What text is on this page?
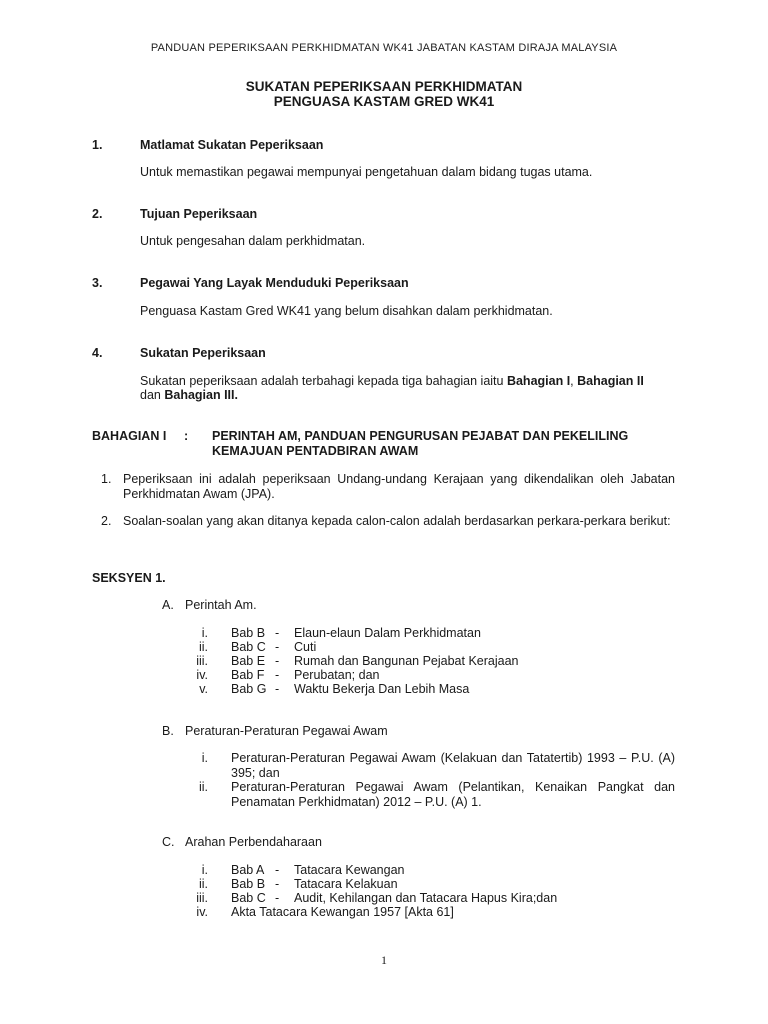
PANDUAN PEPERIKSAAN PERKHIDMATAN WK41 JABATAN KASTAM DIRAJA MALAYSIA
SUKATAN PEPERIKSAAN PERKHIDMATAN
PENGUASA KASTAM GRED WK41
1.	Matlamat Sukatan Peperiksaan
Untuk memastikan pegawai mempunyai pengetahuan dalam bidang tugas utama.
2.	Tujuan Peperiksaan
Untuk pengesahan dalam perkhidmatan.
3.	Pegawai Yang Layak Menduduki Peperiksaan
Penguasa Kastam Gred WK41 yang belum disahkan dalam perkhidmatan.
4.	Sukatan Peperiksaan
Sukatan peperiksaan adalah terbahagi kepada tiga bahagian iaitu Bahagian I, Bahagian II
dan Bahagian III.
BAHAGIAN I : PERINTAH AM, PANDUAN PENGURUSAN PEJABAT DAN PEKELILING
KEMAJUAN PENTADBIRAN AWAM
1. Peperiksaan ini adalah peperiksaan Undang-undang Kerajaan yang dikendalikan oleh Jabatan Perkhidmatan Awam (JPA).
2. Soalan-soalan yang akan ditanya kepada calon-calon adalah berdasarkan perkara-perkara berikut:
SEKSYEN 1.
A. Perintah Am.
i. Bab B - Elaun-elaun Dalam Perkhidmatan
ii. Bab C - Cuti
iii. Bab E - Rumah dan Bangunan Pejabat Kerajaan
iv. Bab F - Perubatan; dan
v. Bab G - Waktu Bekerja Dan Lebih Masa
B. Peraturan-Peraturan Pegawai Awam
i. Peraturan-Peraturan Pegawai Awam (Kelakuan dan Tatatertib) 1993 – P.U. (A) 395; dan
ii. Peraturan-Peraturan Pegawai Awam (Pelantikan, Kenaikan Pangkat dan Penamatan Perkhidmatan) 2012 – P.U. (A) 1.
C. Arahan Perbendaharaan
i. Bab A - Tatacara Kewangan
ii. Bab B - Tatacara Kelakuan
iii. Bab C - Audit, Kehilangan dan Tatacara Hapus Kira;dan
iv. Akta Tatacara Kewangan 1957 [Akta 61]
1
